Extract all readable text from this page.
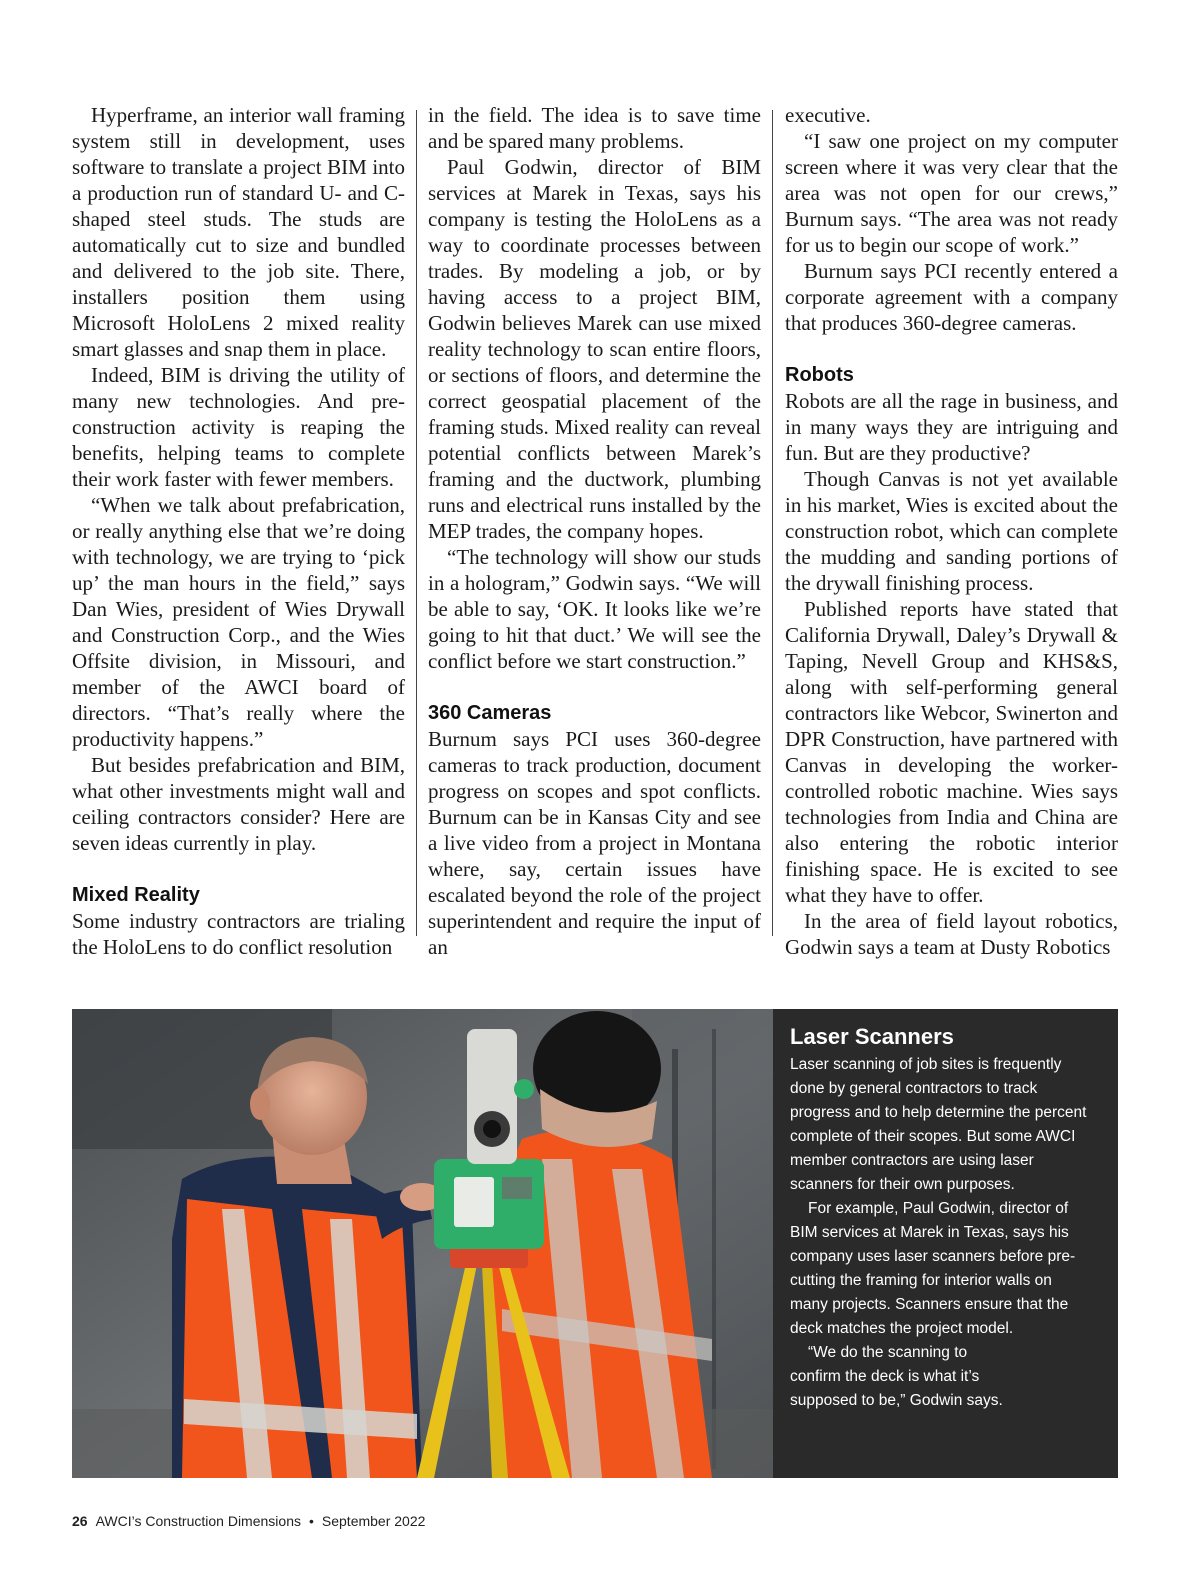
Hyperframe, an interior wall framing system still in development, uses software to translate a project BIM into a production run of standard U- and C-shaped steel studs. The studs are automatically cut to size and bundled and delivered to the job site. There, installers position them using Microsoft HoloLens 2 mixed reality smart glasses and snap them in place.

Indeed, BIM is driving the utility of many new technologies. And pre-construction activity is reaping the benefits, helping teams to complete their work faster with fewer members.

“When we talk about prefabrication, or really anything else that we’re doing with technology, we are trying to ‘pick up’ the man hours in the field,” says Dan Wies, president of Wies Drywall and Construction Corp., and the Wies Offsite division, in Missouri, and member of the AWCI board of directors. “That’s really where the productivity happens.”

But besides prefabrication and BIM, what other investments might wall and ceiling contractors consider? Here are seven ideas currently in play.

Mixed Reality

Some industry contractors are trialing the HoloLens to do conflict resolution

in the field. The idea is to save time and be spared many problems.

Paul Godwin, director of BIM services at Marek in Texas, says his company is testing the HoloLens as a way to coordinate processes between trades. By modeling a job, or by having access to a project BIM, Godwin believes Marek can use mixed reality technology to scan entire floors, or sections of floors, and determine the correct geospatial placement of the framing studs. Mixed reality can reveal potential conflicts between Marek’s framing and the ductwork, plumbing runs and electrical runs installed by the MEP trades, the company hopes.

“The technology will show our studs in a hologram,” Godwin says. “We will be able to say, ‘OK. It looks like we’re going to hit that duct.’ We will see the conflict before we start construction.”

360 Cameras

Burnum says PCI uses 360-degree cameras to track production, document progress on scopes and spot conflicts. Burnum can be in Kansas City and see a live video from a project in Montana where, say, certain issues have escalated beyond the role of the project superintendent and require the input of an

executive.

“I saw one project on my computer screen where it was very clear that the area was not open for our crews,” Burnum says. “The area was not ready for us to begin our scope of work.”

Burnum says PCI recently entered a corporate agreement with a company that produces 360-degree cameras.

Robots

Robots are all the rage in business, and in many ways they are intriguing and fun. But are they productive?

Though Canvas is not yet available in his market, Wies is excited about the construction robot, which can complete the mudding and sanding portions of the drywall finishing process.

Published reports have stated that California Drywall, Daley’s Drywall & Taping, Nevell Group and KHS&S, along with self-performing general contractors like Webcor, Swinerton and DPR Construction, have partnered with Canvas in developing the worker-controlled robotic machine. Wies says technologies from India and China are also entering the robotic interior finishing space. He is excited to see what they have to offer.

In the area of field layout robotics, Godwin says a team at Dusty Robotics

Laser Scanners

Laser scanning of job sites is frequently done by general contractors to track progress and to help determine the percent complete of their scopes. But some AWCI member contractors are using laser scanners for their own purposes.

For example, Paul Godwin, director of BIM services at Marek in Texas, says his company uses laser scanners before pre-cutting the framing for interior walls on many projects. Scanners ensure that the deck matches the project model.

“We do the scanning to confirm the deck is what it’s supposed to be,” Godwin says.

26 AWCI’s Construction Dimensions • September 2022
